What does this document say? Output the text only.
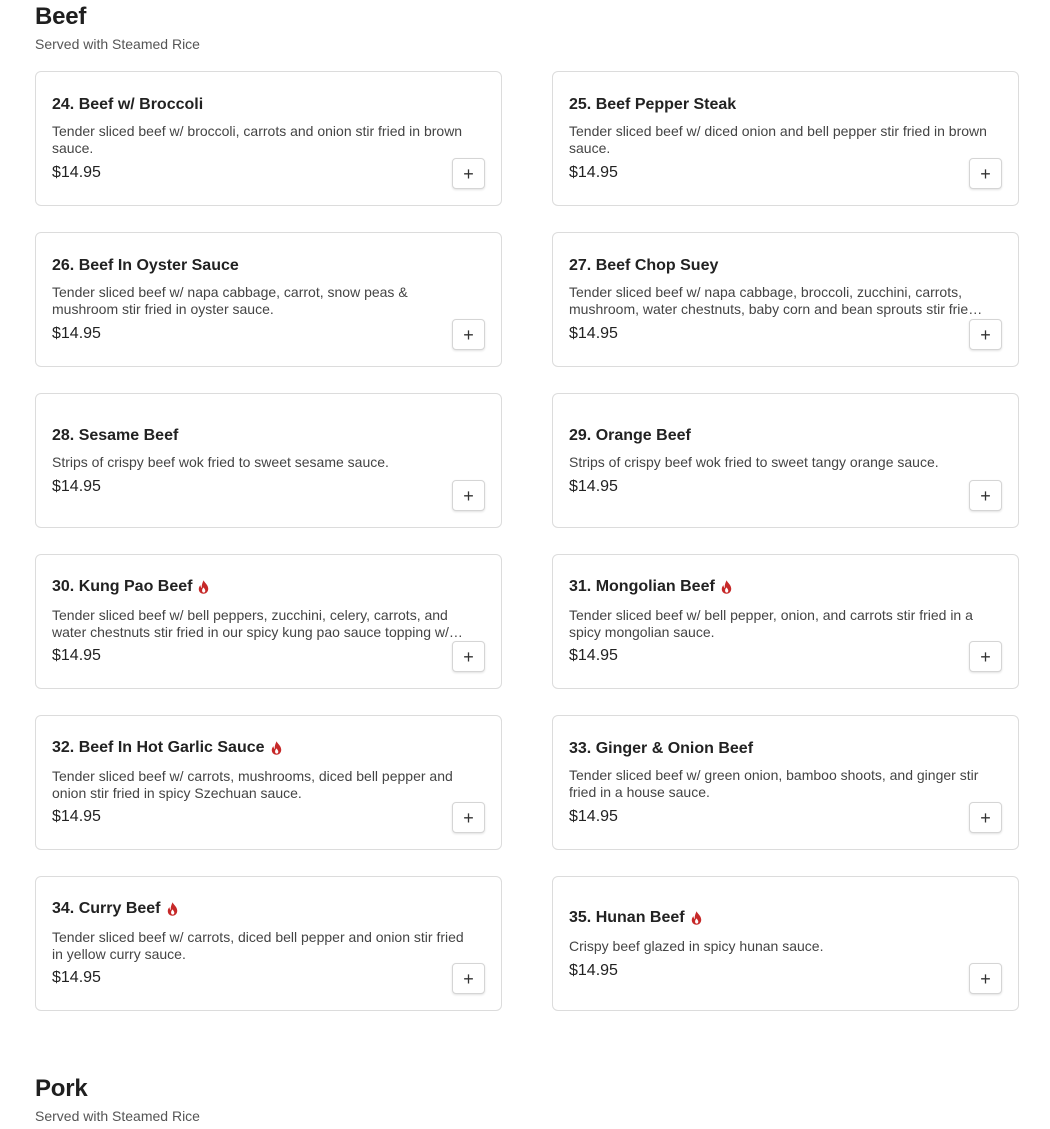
Beef
Served with Steamed Rice
24. Beef w/ Broccoli
Tender sliced beef w/ broccoli, carrots and onion stir fried in brown sauce.
$14.95	+
25. Beef Pepper Steak
Tender sliced beef w/ diced onion and bell pepper stir fried in brown sauce.
$14.95	+
26. Beef In Oyster Sauce
Tender sliced beef w/ napa cabbage, carrot, snow peas & mushroom stir fried in oyster sauce.
$14.95	+
27. Beef Chop Suey
Tender sliced beef w/ napa cabbage, broccoli, zucchini, carrots, mushroom, water chestnuts, baby corn and bean sprouts stir fried
$14.95	+
28. Sesame Beef
Strips of crispy beef wok fried to sweet sesame sauce.
$14.95	+
29. Orange Beef
Strips of crispy beef wok fried to sweet tangy orange sauce.
$14.95	+
30. Kung Pao Beef
Tender sliced beef w/ bell peppers, zucchini, celery, carrots, and water chestnuts stir fried in our spicy kung pao sauce topping w/
$14.95	+
31. Mongolian Beef
Tender sliced beef w/ bell pepper, onion, and carrots stir fried in a spicy mongolian sauce.
$14.95	+
32. Beef In Hot Garlic Sauce
Tender sliced beef w/ carrots, mushrooms, diced bell pepper and onion stir fried in spicy Szechuan sauce.
$14.95	+
33. Ginger & Onion Beef
Tender sliced beef w/ green onion, bamboo shoots, and ginger stir fried in a house sauce.
$14.95	+
34. Curry Beef
Tender sliced beef w/ carrots, diced bell pepper and onion stir fried in yellow curry sauce.
$14.95	+
35. Hunan Beef
Crispy beef glazed in spicy hunan sauce.
$14.95	+
Pork
Served with Steamed Rice
